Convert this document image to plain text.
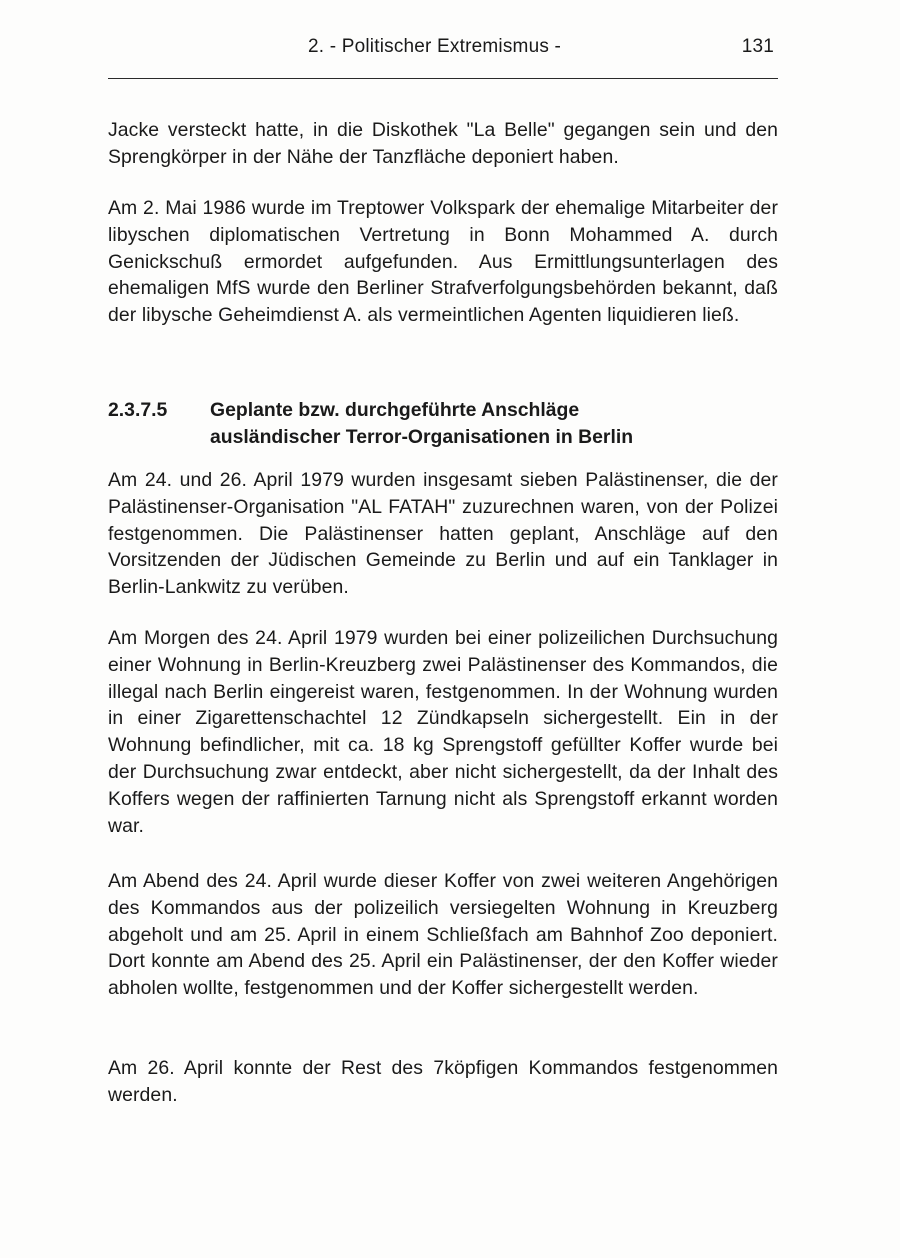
2. - Politischer Extremismus -	131

Jacke versteckt hatte, in die Diskothek "La Belle" gegangen sein und den Sprengkörper in der Nähe der Tanzfläche deponiert haben.

Am 2. Mai 1986 wurde im Treptower Volkspark der ehemalige Mitarbeiter der libyschen diplomatischen Vertretung in Bonn Mohammed A. durch Genickschuß ermordet aufgefunden. Aus Ermittlungsunterlagen des ehemaligen MfS wurde den Berliner Strafverfolgungsbehörden bekannt, daß der libysche Geheimdienst A. als vermeintlichen Agenten liquidieren ließ.

2.3.7.5 Geplante bzw. durchgeführte Anschläge
ausländischer Terror-Organisationen in Berlin

Am 24. und 26. April 1979 wurden insgesamt sieben Palästinenser, die der Palästinenser-Organisation "AL FATAH" zuzurechnen waren, von der Polizei festgenommen. Die Palästinenser hatten geplant, Anschläge auf den Vorsitzenden der Jüdischen Gemeinde zu Berlin und auf ein Tanklager in Berlin-Lankwitz zu verüben.

Am Morgen des 24. April 1979 wurden bei einer polizeilichen Durchsuchung einer Wohnung in Berlin-Kreuzberg zwei Palästinenser des Kommandos, die illegal nach Berlin eingereist waren, festgenommen. In der Wohnung wurden in einer Zigarettenschachtel 12 Zündkapseln sichergestellt. Ein in der Wohnung befindlicher, mit ca. 18 kg Sprengstoff gefüllter Koffer wurde bei der Durchsuchung zwar entdeckt, aber nicht sichergestellt, da der Inhalt des Koffers wegen der raffinierten Tarnung nicht als Sprengstoff erkannt worden war.

Am Abend des 24. April wurde dieser Koffer von zwei weiteren Angehörigen des Kommandos aus der polizeilich versiegelten Wohnung in Kreuzberg abgeholt und am 25. April in einem Schließfach am Bahnhof Zoo deponiert. Dort konnte am Abend des 25. April ein Palästinenser, der den Koffer wieder abholen wollte, festgenommen und der Koffer sichergestellt werden.

Am 26. April konnte der Rest des 7köpfigen Kommandos festgenommen werden.
